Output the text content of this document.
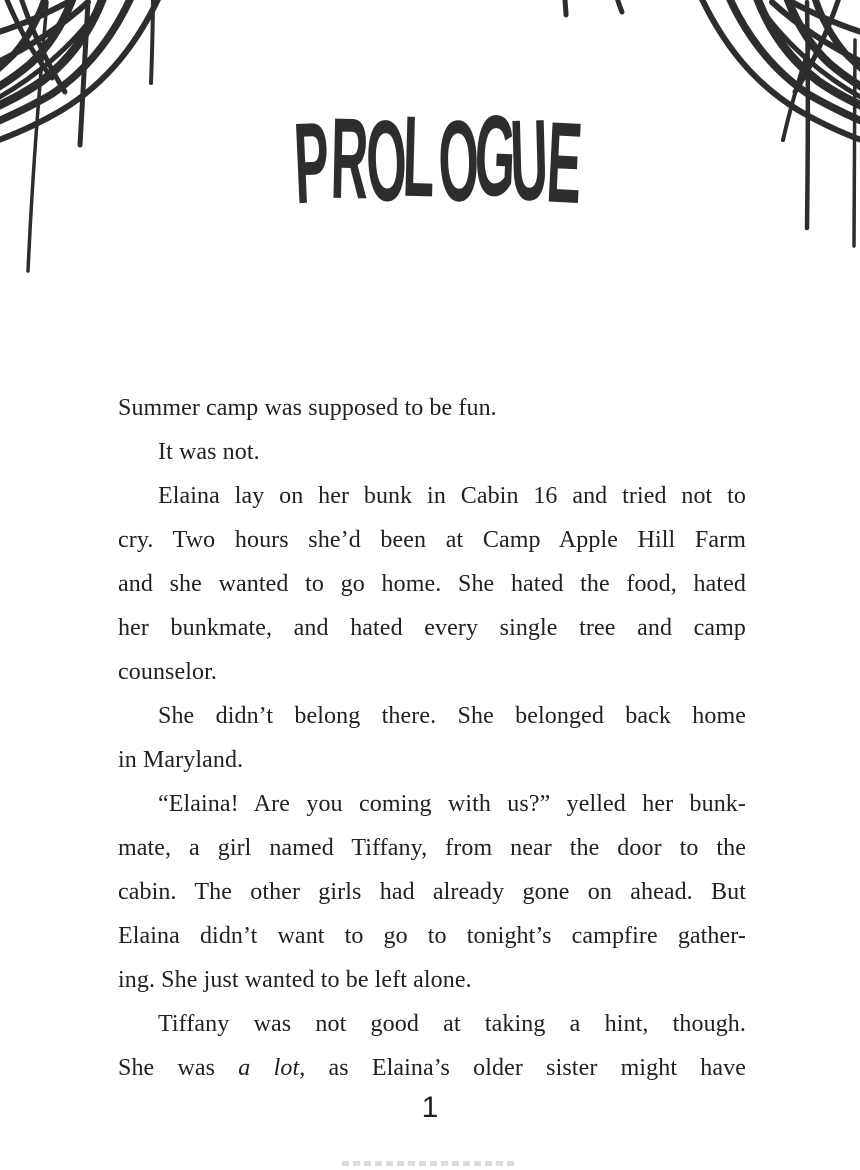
PROLOGUE
Summer camp was supposed to be fun.
It was not.
Elaina lay on her bunk in Cabin 16 and tried not to
cry. Two hours she’d been at Camp Apple Hill Farm
and she wanted to go home. She hated the food, hated
her bunkmate, and hated every single tree and camp
counselor.
She didn’t belong there. She belonged back home
in Maryland.
“Elaina! Are you coming with us?” yelled her bunk-
mate, a girl named Tiffany, from near the door to the
cabin. The other girls had already gone on ahead. But
Elaina didn’t want to go to tonight’s campfire gather-
ing. She just wanted to be left alone.
Tiffany was not good at taking a hint, though.
She was a lot, as Elaina’s older sister might have
1
